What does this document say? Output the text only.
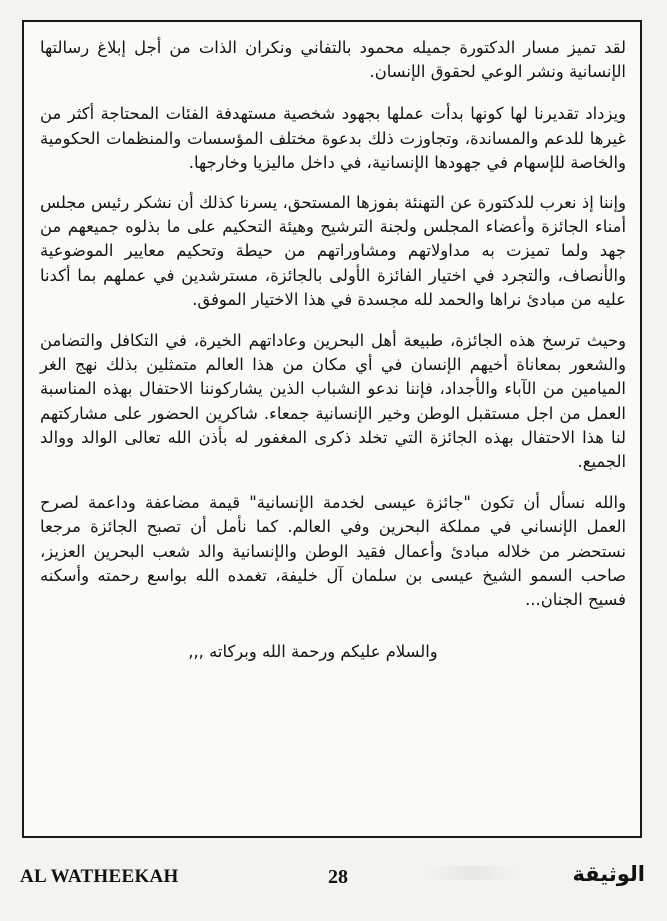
لقد تميز مسار الدكتورة جميله محمود بالتفاني ونكران الذات من أجل إبلاغ رسالتها الإنسانية ونشر الوعي لحقوق الإنسان.

ويزداد تقديرنا لها كونها بدأت عملها بجهود شخصية مستهدفة الفئات المحتاجة أكثر من غيرها للدعم والمساندة، وتجاوزت ذلك بدعوة مختلف المؤسسات والمنظمات الحكومية والخاصة للإسهام في جهودها الإنسانية، في داخل ماليزيا وخارجها.

وإننا إذ نعرب للدكتورة عن التهنئة بفوزها المستحق، يسرنا كذلك أن نشكر رئيس مجلس أمناء الجائزة وأعضاء المجلس ولجنة الترشيح وهيئة التحكيم على ما بذلوه جميعهم من جهد ولما تميزت به مداولاتهم ومشاوراتهم من حيطة وتحكيم معايير الموضوعية والأنصاف، والتجرد في اختيار الفائزة الأولى بالجائزة، مسترشدين في عملهم بما أكدنا عليه من مبادئ نراها والحمد لله مجسدة في هذا الاختيار الموفق.

وحيث ترسخ هذه الجائزة، طبيعة أهل البحرين وعاداتهم الخيرة، في التكافل والتضامن والشعور بمعاناة أخيهم الإنسان في أي مكان من هذا العالم متمثلين بذلك نهج الغر الميامين من الآباء والأجداد، فإننا ندعو الشباب الذين يشاركوننا الاحتفال بهذه المناسبة العمل من اجل مستقبل الوطن وخير الإنسانية جمعاء. شاكرين الحضور على مشاركتهم لنا هذا الاحتفال بهذه الجائزة التي تخلد ذكرى المغفور له بأذن الله تعالى الوالد ووالد الجميع.

والله نسأل أن تكون "جائزة عيسى لخدمة الإنسانية" قيمة مضاعفة وداعمة لصرح العمل الإنساني في مملكة البحرين وفي العالم. كما نأمل أن تصبح الجائزة مرجعا نستحضر من خلاله مبادئ وأعمال فقيد الوطن والإنسانية والد شعب البحرين العزيز، صاحب السمو الشيخ عيسى بن سلمان آل خليفة، تغمده الله بواسع رحمته وأسكنه فسيح الجنان...

والسلام عليكم ورحمة الله وبركاته ,,,

AL WATHEEKAH	28	الوثيقة
